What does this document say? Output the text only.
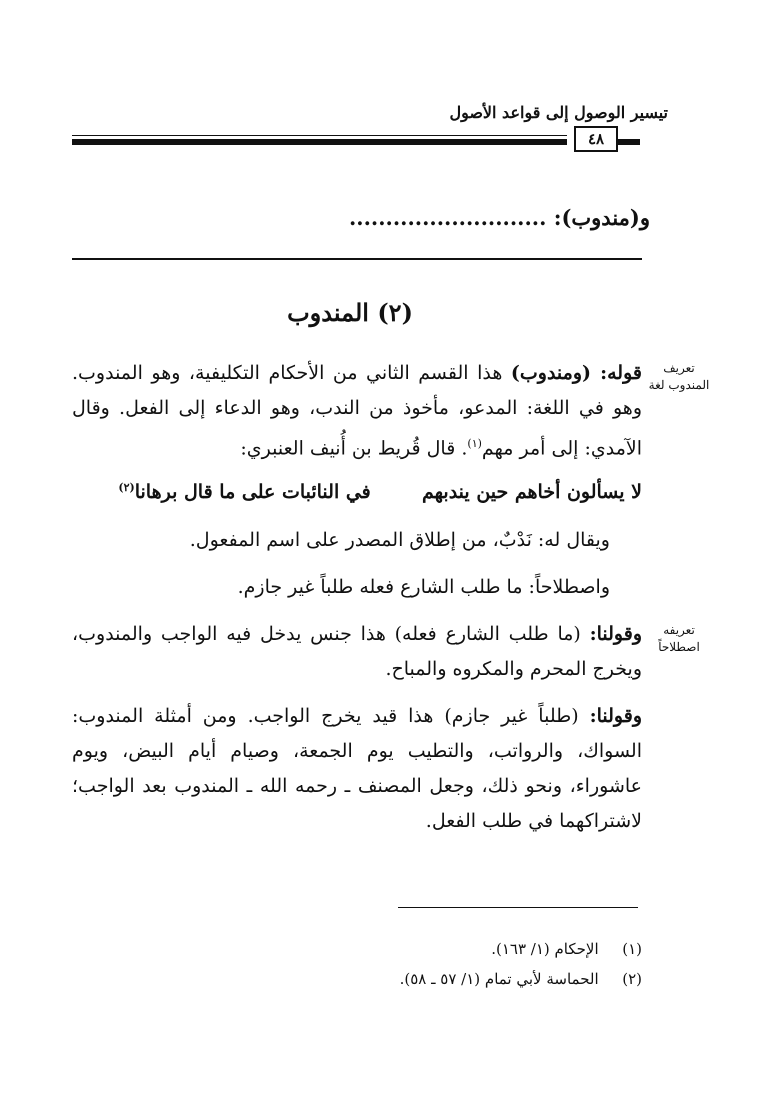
تيسير الوصول إلى قواعد الأصول
٤٨
و(مندوب): ...........................
(٢) المندوب
تعريف المندوب لغة
تعريفه اصطلاحاً
قوله: (ومندوب) هذا القسم الثاني من الأحكام التكليفية، وهو المندوب. وهو في اللغة: المدعو، مأخوذ من الندب، وهو الدعاء إلى الفعل. وقال الآمدي: إلى أمر مهم$^{(١)}$. قال قُريط بن أُنيف العنبري:
لا يسألون أخاهم حين يندبهم  في النائبات على ما قال برهانا$^{(٢)}$
ويقال له: نَدْبٌ، من إطلاق المصدر على اسم المفعول.
واصطلاحاً: ما طلب الشارع فعله طلباً غير جازم.
وقولنا: (ما طلب الشارع فعله) هذا جنس يدخل فيه الواجب والمندوب، ويخرج المحرم والمكروه والمباح.
وقولنا: (طلباً غير جازم) هذا قيد يخرج الواجب. ومن أمثلة المندوب: السواك، والرواتب، والتطيب يوم الجمعة، وصيام أيام البيض، ويوم عاشوراء، ونحو ذلك، وجعل المصنف ـ رحمه الله ـ المندوب بعد الواجب؛ لاشتراكهما في طلب الفعل.
(١)  الإحكام (١/ ١٦٣).
(٢)  الحماسة لأبي تمام (١/ ٥٧ ـ ٥٨).
